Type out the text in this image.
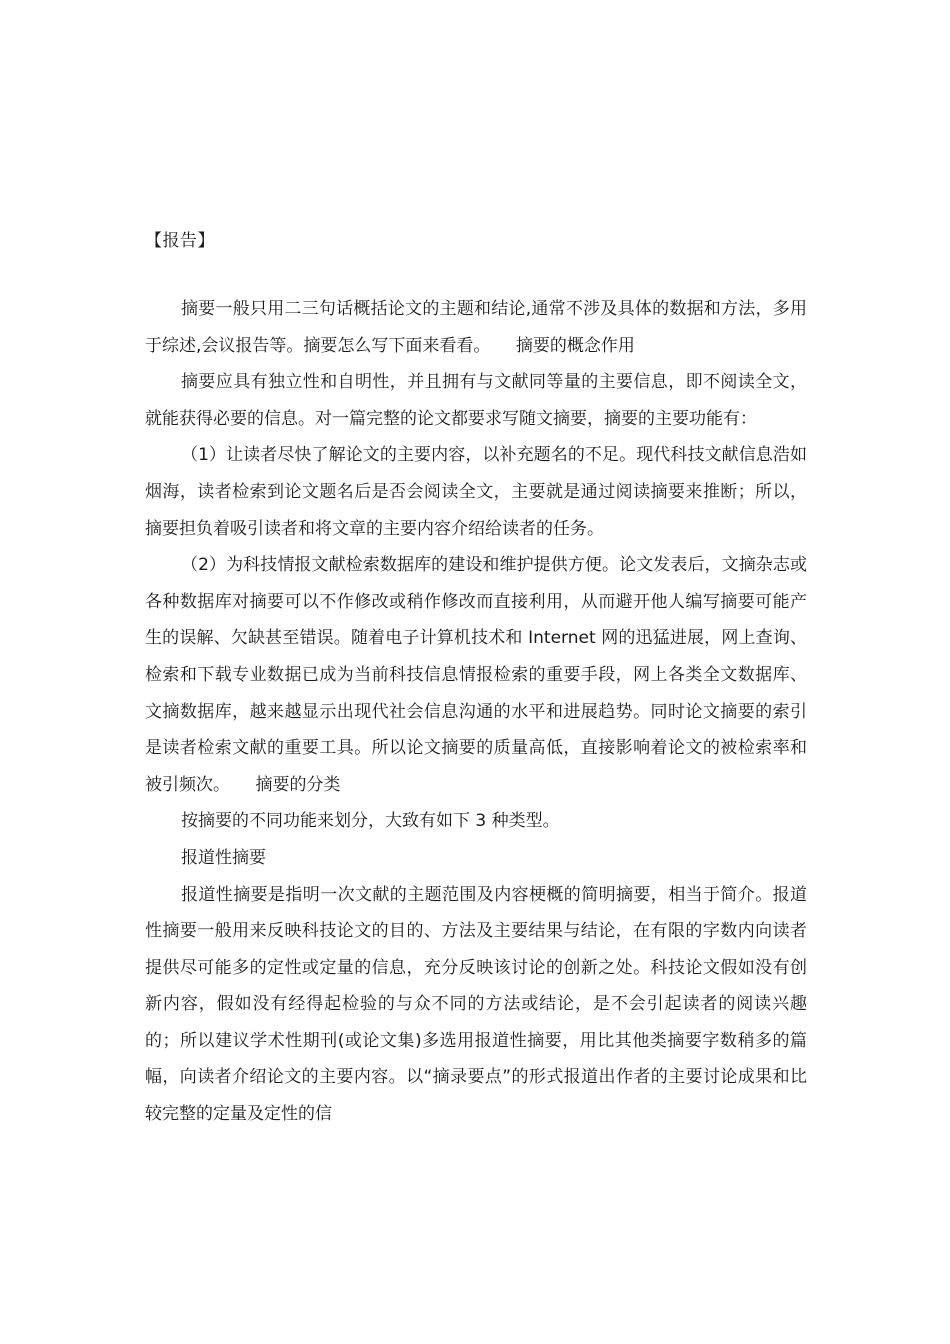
【报告】

摘要一般只用二三句话概括论文的主题和结论,通常不涉及具体的数据和方法，多用于综述,会议报告等。摘要怎么写下面来看看。　　摘要的概念作用

摘要应具有独立性和自明性，并且拥有与文献同等量的主要信息，即不阅读全文，就能获得必要的信息。对一篇完整的论文都要求写随文摘要，摘要的主要功能有：

（1）让读者尽快了解论文的主要内容，以补充题名的不足。现代科技文献信息浩如烟海，读者检索到论文题名后是否会阅读全文，主要就是通过阅读摘要来推断；所以，摘要担负着吸引读者和将文章的主要内容介绍给读者的任务。

（2）为科技情报文献检索数据库的建设和维护提供方便。论文发表后，文摘杂志或各种数据库对摘要可以不作修改或稍作修改而直接利用，从而避开他人编写摘要可能产生的误解、欠缺甚至错误。随着电子计算机技术和 Internet 网的迅猛进展，网上查询、检索和下载专业数据已成为当前科技信息情报检索的重要手段，网上各类全文数据库、文摘数据库，越来越显示出现代社会信息沟通的水平和进展趋势。同时论文摘要的索引是读者检索文献的重要工具。所以论文摘要的质量高低，直接影响着论文的被检索率和被引频次。　　摘要的分类

按摘要的不同功能来划分，大致有如下 3 种类型。

报道性摘要

报道性摘要是指明一次文献的主题范围及内容梗概的简明摘要，相当于简介。报道性摘要一般用来反映科技论文的目的、方法及主要结果与结论，在有限的字数内向读者提供尽可能多的定性或定量的信息，充分反映该讨论的创新之处。科技论文假如没有创新内容，假如没有经得起检验的与众不同的方法或结论，是不会引起读者的阅读兴趣的；所以建议学术性期刊(或论文集)多选用报道性摘要，用比其他类摘要字数稍多的篇幅，向读者介绍论文的主要内容。以“摘录要点”的形式报道出作者的主要讨论成果和比较完整的定量及定性的信
